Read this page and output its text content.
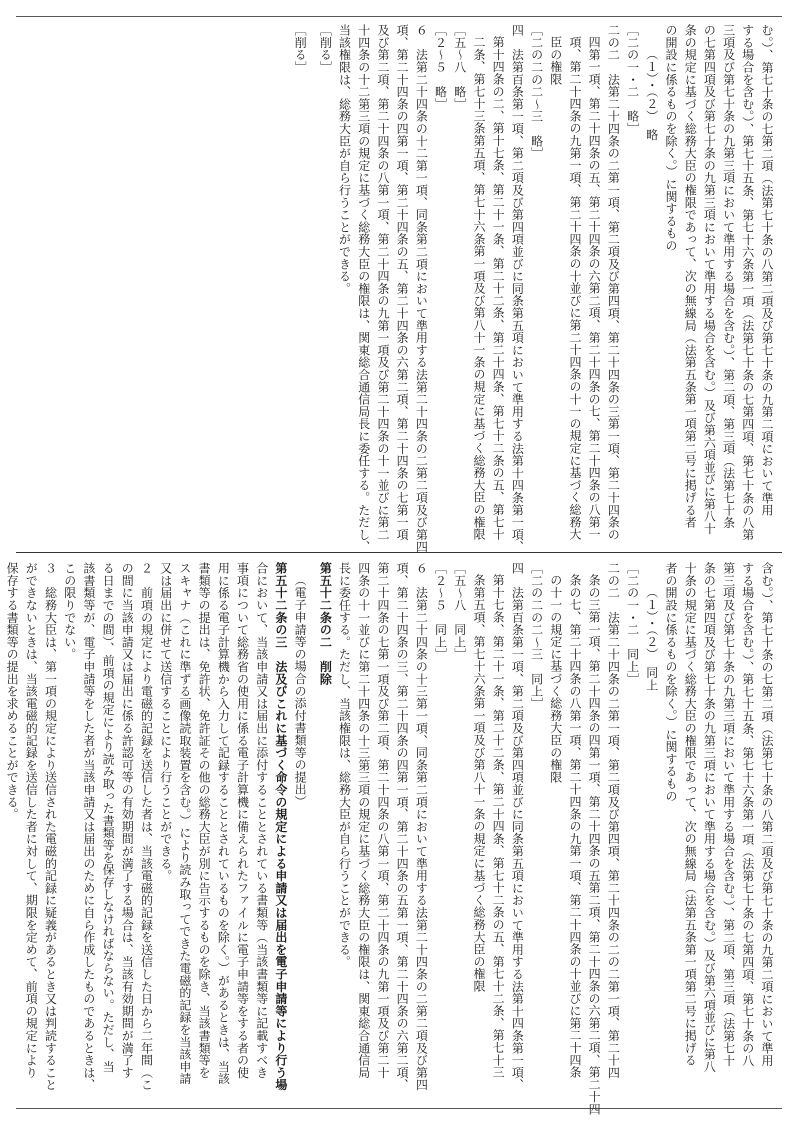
む。）、第七十条の七第二項（法第七十条の八第二項及び第七十条の九第二項において準用
する場合を含む。）、第七十五条、第七十六条第一項（法第七十条の七第四項、第七十条の八第
三項及び第七十条の九第三項において準用する場合を含む。）、第二項、第三項（法第七十条
の七第四項及び第七十条の九第三項において準用する場合を含む。）及び第六項並びに第八十
条の規定に基づく総務大臣の権限であって、次の無線局（法第五条第一項第二号に掲げる者
の開設に係るものを除く。）に関するもの
（１）・（２）　略
［二の一・二　略］
二の二　法第二十四条の二第一項、第二項及び第四項、第二十四条の三第一項、第二十四条の
四第一項、第二十四条の五、第二十四条の六第二項、第二十四条の七、第二十四条の八第一
項、第二十四条の九第一項、第二十四条の十並びに第二十四条の十一の規定に基づく総務大
臣の権限
［二の二の二～三　略］
四　法第百条第一項、第二項及び第四項並びに同条第五項において準用する法第十四条第一項、
第十四条の二、第十七条、第二十一条、第二十二条、第二十四条、第七十二条の五、第七十
二条、第七十三条第五項、第七十六条第一項及び第八十一条の規定に基づく総務大臣の権限
［五～八　略］
［２～５　略］
６　法第二十四条の十二第一項、同条第二項において準用する法第二十四条の二第二項及び第四
項、第二十四条の四第一項、第二十四条の五、第二十四条の六第二項、第二十四条の七第一項
及び第二項、第二十四条の八第一項、第二十四条の九第一項及び第二十四条の十一並びに第二
十四条の十二第三項の規定に基づく総務大臣の権限は、関東総合通信局長に委任する。ただし、
当該権限は、総務大臣が自ら行うことができる。
［削る］
［削る］
含む。）、第七十条の七第二項（法第七十条の八第二項及び第七十条の九第二項において準用
する場合を含む。）、第七十五条、第七十六条第一項（法第七十条の七第四項、第七十条の八
第三項及び第七十条の九第三項において準用する場合を含む。）、第二項、第三項（法第七十
条の七第四項及び第七十条の九第三項において準用する場合を含む。）及び第六項並びに第八
十条の規定に基づく総務大臣の権限であって、次の無線局（法第五条第一項第二号に掲げる
者の開設に係るものを除く。）に関するもの
（１）・（２）　同上
［二の一・二　同上］
二の二　法第二十四条の二第一項、第二項及び第四項、第二十四条の二の二第一項、第二十四
条の三第一項、第二十四条の四第一項、第二十四条の五第二項、第二十四条の六第二項、第二十四
条の七、第二十四条の八第一項、第二十四条の九第一項、第二十四条の十並びに第二十四条
の十一の規定に基づく総務大臣の権限
［二の二の二～三　同上］
四　法第百条第一項、第二項及び第四項並びに同条第五項において準用する法第十四条第一項、
第十七条、第二十一条、第二十二条、第二十四条、第七十二条の五、第七十二条、第七十三
条第五項、第七十六条第一項及び第八十一条の規定に基づく総務大臣の権限
［五～八　同上］
［２～５　同上］
６　法第二十四条の十三第一項、同条第二項において準用する法第二十四条の二第二項及び第四
項、第二十四条の三、第二十四条の四第一項、第二十四条の五第一項、第二十四条の六第二項、
第二十四条の七第一項及び第二項、第二十四条の八第一項、第二十四条の九第一項及び第二十
四条の十一並びに第二十四条の十三第三項の規定に基づく総務大臣の権限は、関東総合通信局
長に委任する。ただし、当該権限は、総務大臣が自ら行うことができる。
第五十二条の二　削除
（電子申請等の場合の添付書類等の提出）
第五十二条の三　法及びこれに基づく命令の規定による申請又は届出を電子申請等により行う場
合において、当該申請又は届出に添付することとされている書類等（当該書類等に記載すべき
事項について総務省の使用に係る電子計算機に備えられたファイルに電子申請等をする者の使
用に係る電子計算機から入力して記録することとされているものを除く。）があるときは、当該
書類等の提出は、免許状、免許証その他の総務大臣が別に告示するものを除き、当該書類等を
スキャナ（これに準ずる画像読取装置を含む。）により読み取ってできた電磁的記録を当該申請
又は届出に併せて送信することにより行うことができる。
２　前項の規定により電磁的記録を送信した者は、当該電磁的記録を送信した日から二年間（こ
の間に当該申請又は届出に係る許認可等の有効期間が満了する場合は、当該有効期間が満了す
る日までの間）、前項の規定により読み取った書類等を保存しなければならない。ただし、当
該書類等が、電子申請等をした者が当該申請又は届出のために自ら作成したものであるときは、
この限りでない。
３　総務大臣は、第一項の規定により送信された電磁的記録に疑義があるとき又は判読すること
ができないときは、当該電磁的記録を送信した者に対して、期限を定めて、前項の規定により
保存する書類等の提出を求めることができる。
